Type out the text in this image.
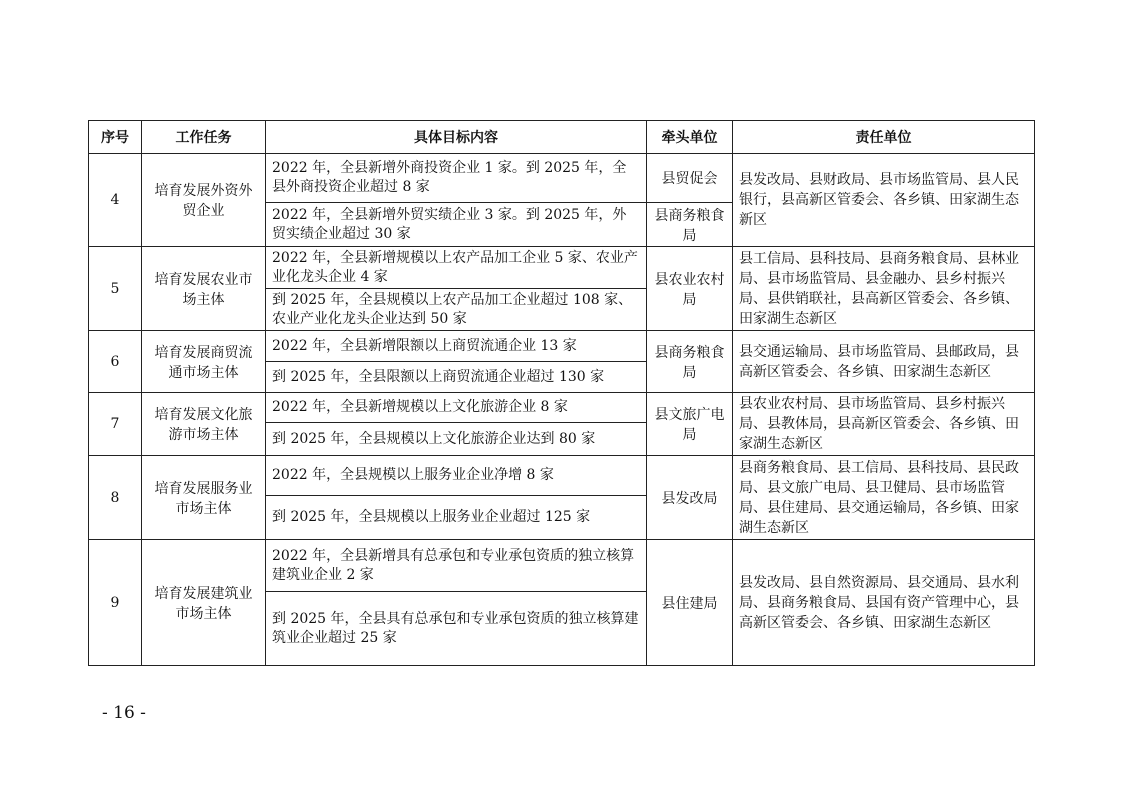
序号	工作任务	具体目标内容	牵头单位	责任单位
4	培育发展外资外贸企业	2022 年，全县新增外商投资企业 1 家。到 2025 年，全县外商投资企业超过 8 家	县贸促会	县发改局、县财政局、县市场监管局、县人民银行，县高新区管委会、各乡镇、田家湖生态新区
		2022 年，全县新增外贸实绩企业 3 家。到 2025 年，外贸实绩企业超过 30 家	县商务粮食局	
5	培育发展农业市场主体	2022 年，全县新增规模以上农产品加工企业 5 家、农业产业化龙头企业 4 家	县农业农村局	县工信局、县科技局、县商务粮食局、县林业局、县市场监管局、县金融办、县乡村振兴局、县供销联社，县高新区管委会、各乡镇、田家湖生态新区
		到 2025 年，全县规模以上农产品加工企业超过 108 家、农业产业化龙头企业达到 50 家		
6	培育发展商贸流通市场主体	2022 年，全县新增限额以上商贸流通企业 13 家	县商务粮食局	县交通运输局、县市场监管局、县邮政局，县高新区管委会、各乡镇、田家湖生态新区
		到 2025 年，全县限额以上商贸流通企业超过 130 家		
7	培育发展文化旅游市场主体	2022 年，全县新增规模以上文化旅游企业 8 家	县文旅广电局	县农业农村局、县市场监管局、县乡村振兴局、县教体局，县高新区管委会、各乡镇、田家湖生态新区
		到 2025 年，全县规模以上文化旅游企业达到 80 家		
8	培育发展服务业市场主体	2022 年，全县规模以上服务业企业净增 8 家	县发改局	县商务粮食局、县工信局、县科技局、县民政局、县文旅广电局、县卫健局、县市场监管局、县住建局、县交通运输局，各乡镇、田家湖生态新区
		到 2025 年，全县规模以上服务业企业超过 125 家		
9	培育发展建筑业市场主体	2022 年，全县新增具有总承包和专业承包资质的独立核算建筑业企业 2 家	县住建局	县发改局、县自然资源局、县交通局、县水利局、县商务粮食局、县国有资产管理中心，县高新区管委会、各乡镇、田家湖生态新区
		到 2025 年，全县具有总承包和专业承包资质的独立核算建筑业企业超过 25 家		
- 16 -
